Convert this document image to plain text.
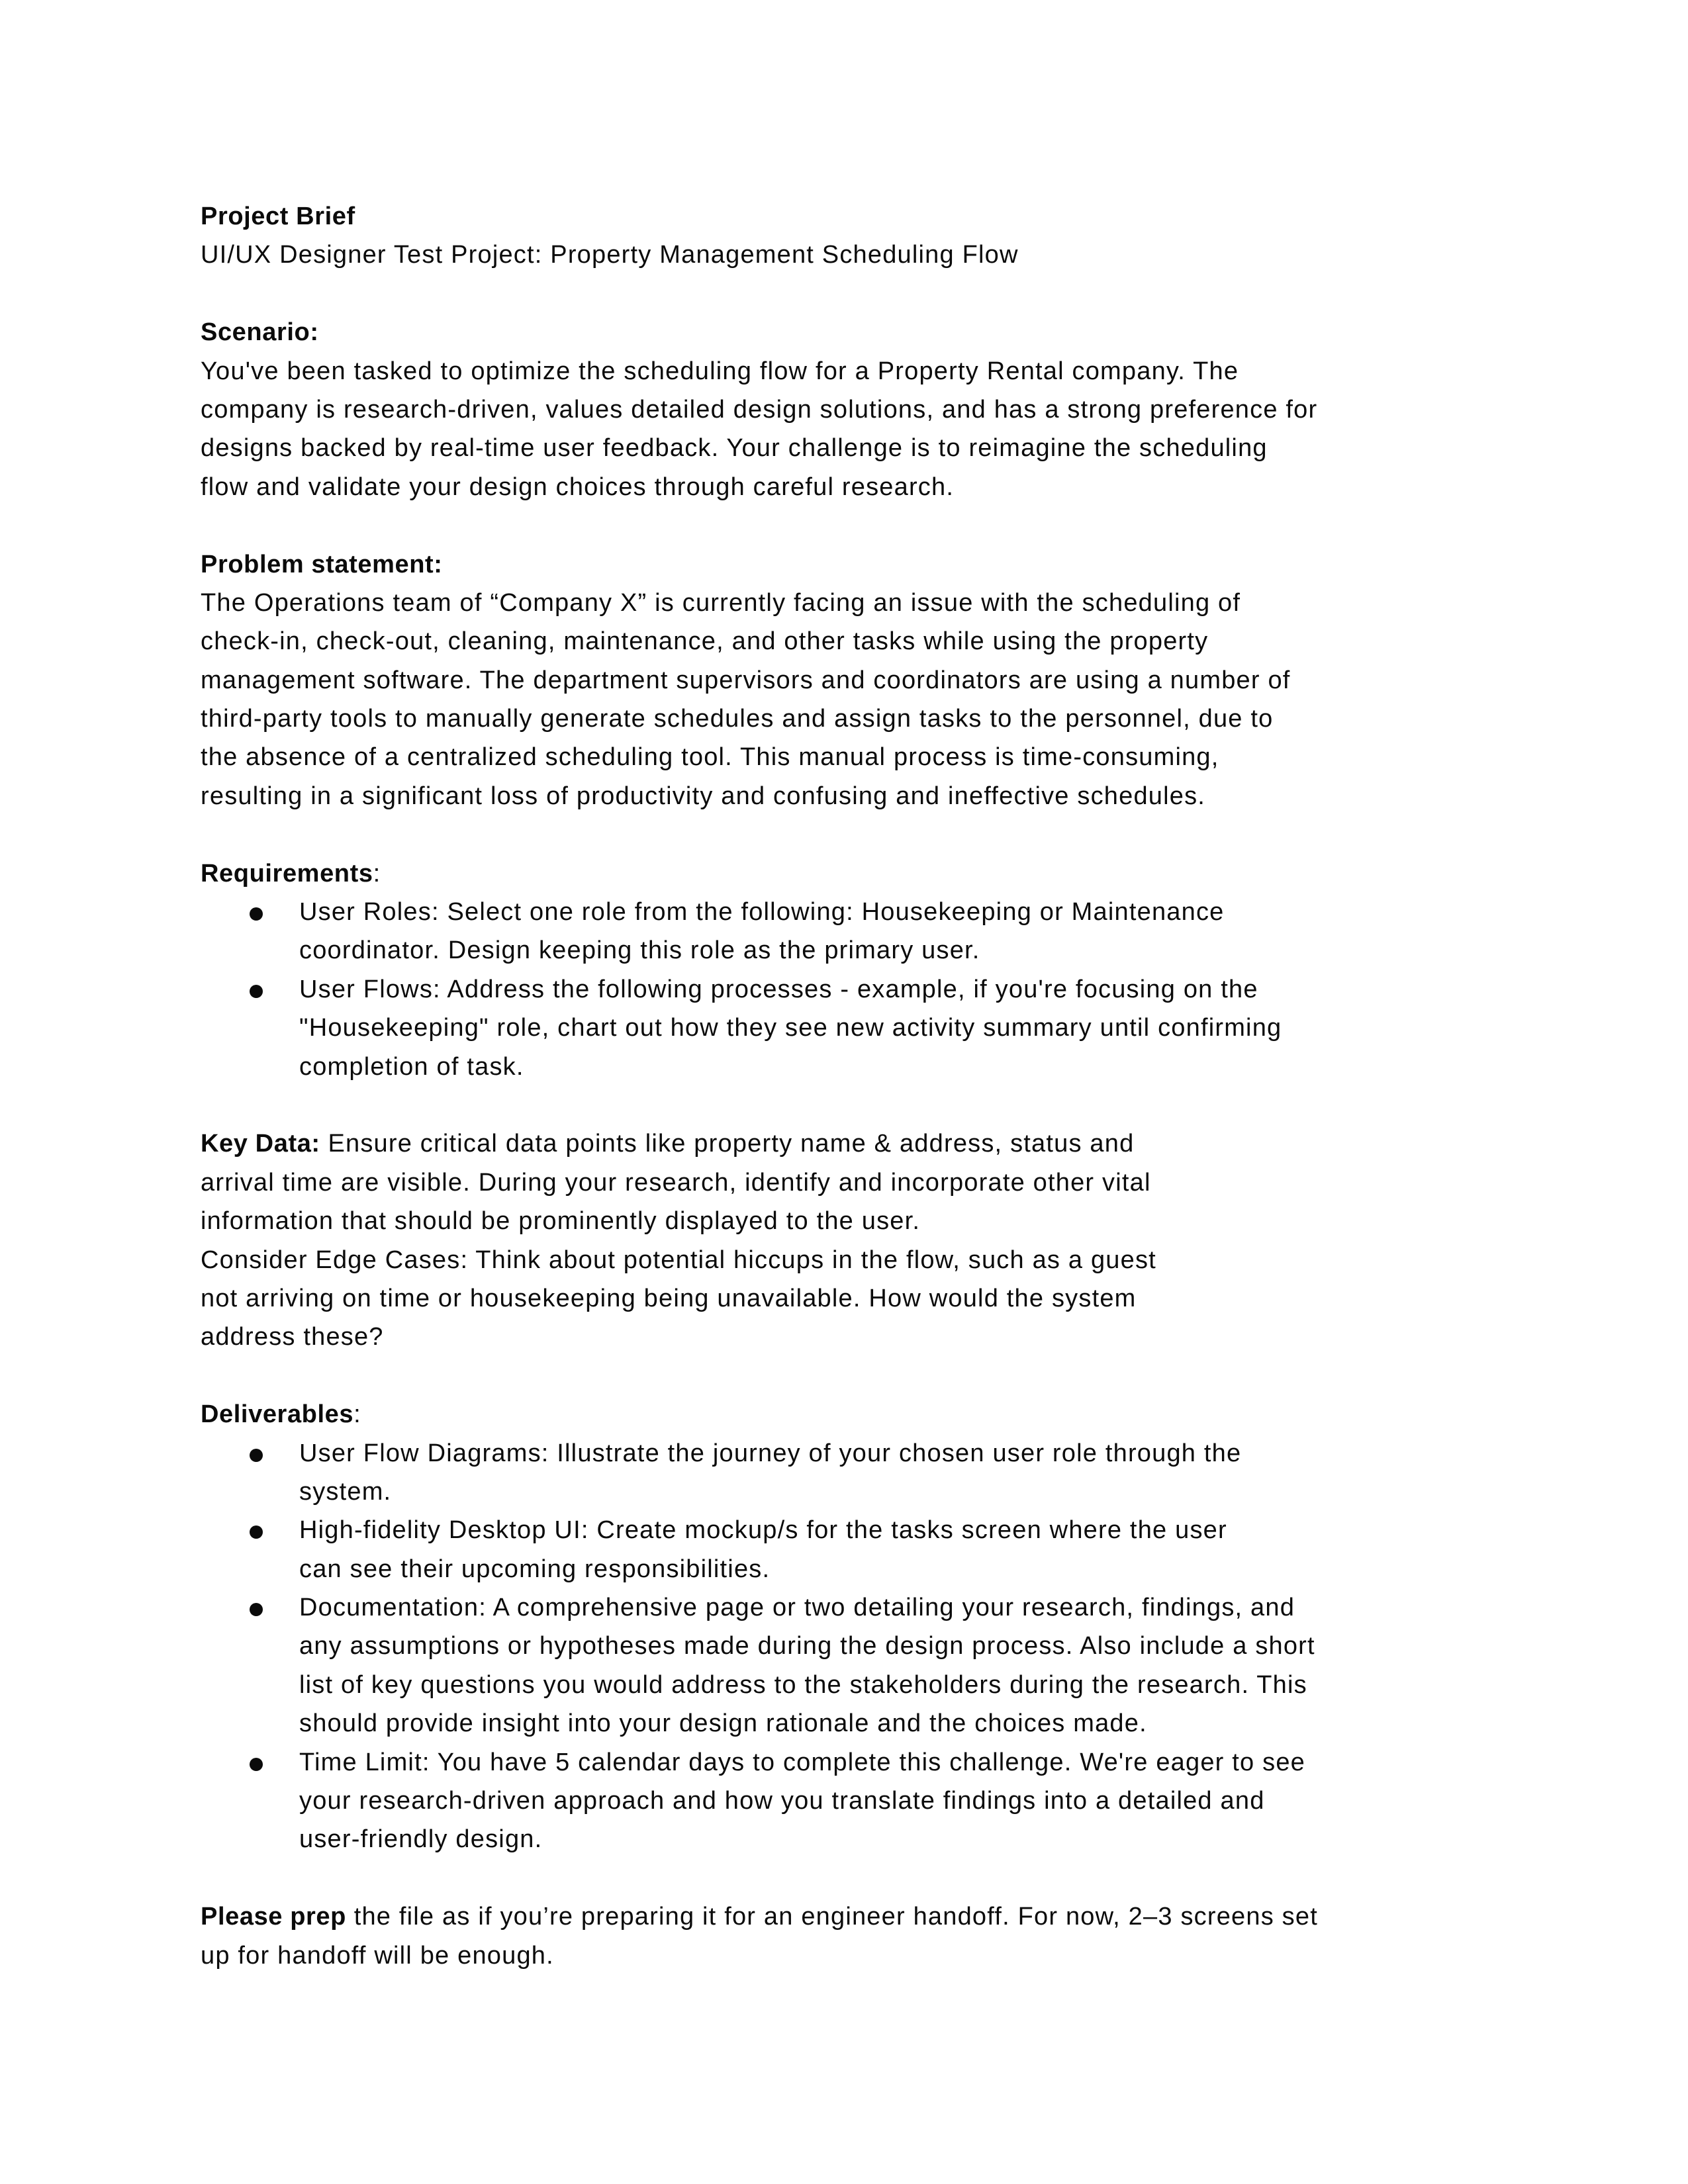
Project Brief
UI/UX Designer Test Project: Property Management Scheduling Flow
Scenario:
You've been tasked to optimize the scheduling flow for a Property Rental company. The
company is research-driven, values detailed design solutions, and has a strong preference for
designs backed by real-time user feedback. Your challenge is to reimagine the scheduling
flow and validate your design choices through careful research.
Problem statement:
The Operations team of “Company X” is currently facing an issue with the scheduling of
check-in, check-out, cleaning, maintenance, and other tasks while using the property
management software. The department supervisors and coordinators are using a number of
third-party tools to manually generate schedules and assign tasks to the personnel, due to
the absence of a centralized scheduling tool. This manual process is time-consuming,
resulting in a significant loss of productivity and confusing and ineffective schedules.
Requirements:
User Roles: Select one role from the following: Housekeeping or Maintenance
coordinator. Design keeping this role as the primary user.
User Flows: Address the following processes - example, if you're focusing on the
"Housekeeping" role, chart out how they see new activity summary until confirming
completion of task.
Key Data: Ensure critical data points like property name & address, status and
arrival time are visible. During your research, identify and incorporate other vital
information that should be prominently displayed to the user.
Consider Edge Cases: Think about potential hiccups in the flow, such as a guest
not arriving on time or housekeeping being unavailable. How would the system
address these?
Deliverables:
User Flow Diagrams: Illustrate the journey of your chosen user role through the
system.
High-fidelity Desktop UI: Create mockup/s for the tasks screen where the user
can see their upcoming responsibilities.
Documentation: A comprehensive page or two detailing your research, findings, and
any assumptions or hypotheses made during the design process. Also include a short
list of key questions you would address to the stakeholders during the research. This
should provide insight into your design rationale and the choices made.
Time Limit: You have 5 calendar days to complete this challenge. We're eager to see
your research-driven approach and how you translate findings into a detailed and
user-friendly design.
Please prep the file as if you’re preparing it for an engineer handoff. For now, 2–3 screens set
up for handoff will be enough.
